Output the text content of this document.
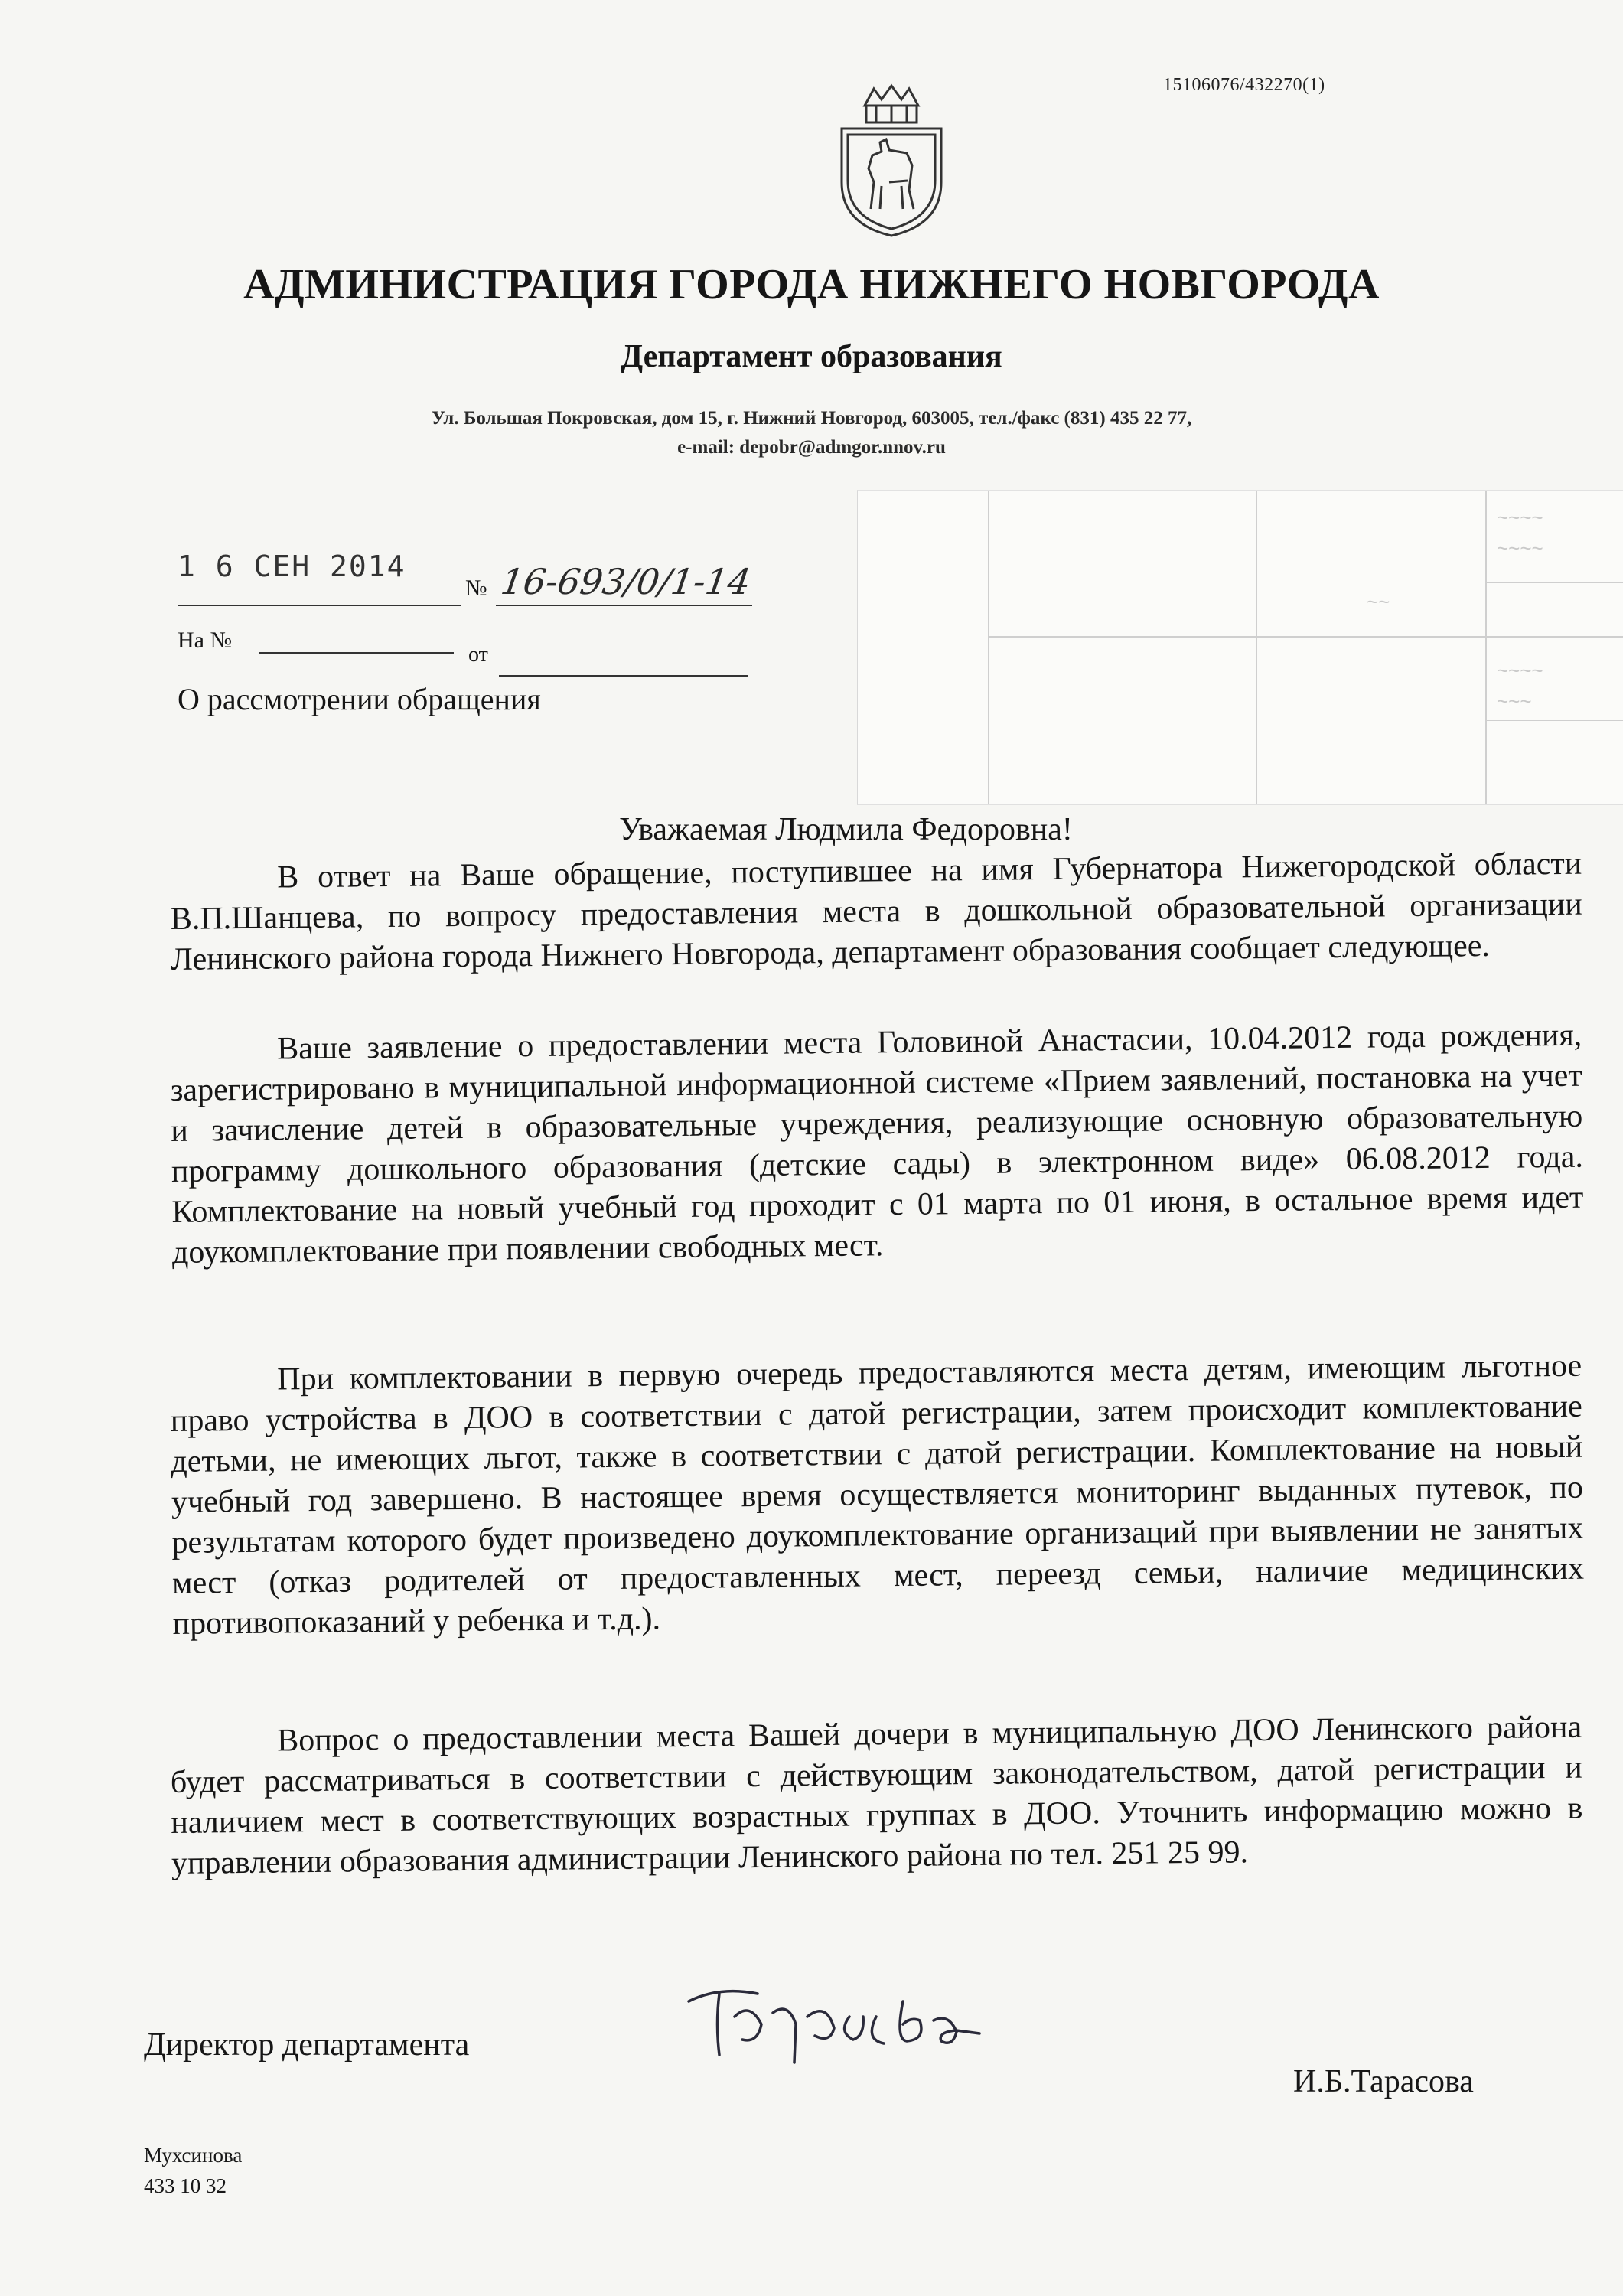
15106076/432270(1)
АДМИНИСТРАЦИЯ ГОРОДА НИЖНЕГО НОВГОРОДА
Департамент образования
Ул. Большая Покровская, дом 15, г. Нижний Новгород, 603005, тел./факс (831) 435 22 77,
e-mail: depobr@admgor.nnov.ru
~~
~~~~
~~~~
~~~~
~~~
1 6 СЕН 2014
№ 16-693/0/1-14
На №
от
О рассмотрении обращения
Уважаемая Людмила Федоровна!
В ответ на Ваше обращение, поступившее на имя Губернатора Нижегородской области В.П.Шанцева, по вопросу предоставления места в дошкольной образовательной организации Ленинского района города Нижнего Новгорода, департамент образования сообщает следующее.
Ваше заявление о предоставлении места Головиной Анастасии, 10.04.2012 года рождения, зарегистрировано в муниципальной информационной системе «Прием заявлений, постановка на учет и зачисление детей в образовательные учреждения, реализующие основную образовательную программу дошкольного образования (детские сады) в электронном виде» 06.08.2012 года. Комплектование на новый учебный год проходит с 01 марта по 01 июня, в остальное время идет доукомплектование при появлении свободных мест.
При комплектовании в первую очередь предоставляются места детям, имеющим льготное право устройства в ДОО в соответствии с датой регистрации, затем происходит комплектование детьми, не имеющих льгот, также в соответствии с датой регистрации. Комплектование на новый учебный год завершено. В настоящее время осуществляется мониторинг выданных путевок, по результатам которого будет произведено доукомплектование организаций при выявлении не занятых мест (отказ родителей от предоставленных мест, переезд семьи, наличие медицинских противопоказаний у ребенка и т.д.).
Вопрос о предоставлении места Вашей дочери в муниципальную ДОО Ленинского района будет рассматриваться в соответствии с действующим законодательством, датой регистрации и наличием мест в соответствующих возрастных группах в ДОО. Уточнить информацию можно в управлении образования администрации Ленинского района по тел. 251 25 99.
Директор департамента
И.Б.Тарасова
Мухсинова
433 10 32
